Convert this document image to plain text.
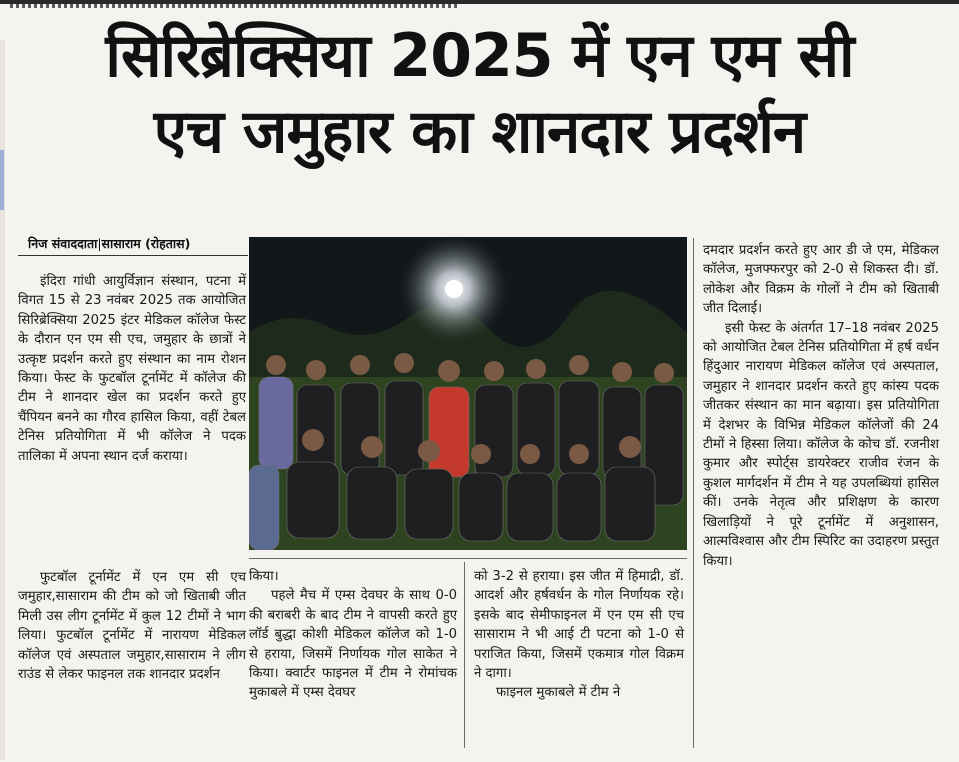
सिरिब्रेक्सिया 2025 में एन एम सी
एच जमुहार का शानदार प्रदर्शन
निज संवाददाता|सासाराम (रोहतास)

इंदिरा गांधी आयुर्विज्ञान संस्थान, पटना में विगत 15 से 23 नवंबर 2025 तक आयोजित सिरिब्रेक्सिया 2025 इंटर मेडिकल कॉलेज फेस्ट के दौरान एन एम सी एच, जमुहार के छात्रों ने उत्कृष्ट प्रदर्शन करते हुए संस्थान का नाम रोशन किया। फेस्ट के फुटबॉल टूर्नामेंट में कॉलेज की टीम ने शानदार खेल का प्रदर्शन करते हुए चैंपियन बनने का गौरव हासिल किया, वहीं टेबल टेनिस प्रतियोगिता में भी कॉलेज ने पदक तालिका में अपना स्थान दर्ज कराया।

फुटबॉल टूर्नामेंट में एन एम सी एच जमुहार,सासाराम की टीम को जो खिताबी जीत मिली उस लीग टूर्नामेंट में कुल 12 टीमों ने भाग लिया। फुटबॉल टूर्नामेंट में नारायण मेडिकल कॉलेज एवं अस्पताल जमुहार,सासाराम ने लीग राउंड से लेकर फाइनल तक शानदार प्रदर्शन

किया।

पहले मैच में एम्स देवघर के साथ 0-0 की बराबरी के बाद टीम ने वापसी करते हुए लॉर्ड बुद्धा कोशी मेडिकल कॉलेज को 1-0 से हराया, जिसमें निर्णायक गोल साकेत ने किया। क्वार्टर फाइनल में टीम ने रोमांचक मुकाबले में एम्स देवघर

को 3-2 से हराया। इस जीत में हिमाद्री, डॉ. आदर्श और हर्षवर्धन के गोल निर्णायक रहे। इसके बाद सेमीफाइनल में एन एम सी एच सासाराम ने भी आई टी पटना को 1-0 से पराजित किया, जिसमें एकमात्र गोल विक्रम ने दागा।

फाइनल मुकाबले में टीम ने

दमदार प्रदर्शन करते हुए आर डी जे एम, मेडिकल कॉलेज, मुजफ्फरपुर को 2-0 से शिकस्त दी। डॉ. लोकेश और विक्रम के गोलों ने टीम को खिताबी जीत दिलाई।

इसी फेस्ट के अंतर्गत 17–18 नवंबर 2025 को आयोजित टेबल टेनिस प्रतियोगिता में हर्ष वर्धन हिंदुआर नारायण मेडिकल कॉलेज एवं अस्पताल, जमुहार ने शानदार प्रदर्शन करते हुए कांस्य पदक जीतकर संस्थान का मान बढ़ाया। इस प्रतियोगिता में देशभर के विभिन्न मेडिकल कॉलेजों की 24 टीमों ने हिस्सा लिया। कॉलेज के कोच डॉ. रजनीश कुमार और स्पोर्ट्स डायरेक्टर राजीव रंजन के कुशल मार्गदर्शन में टीम ने यह उपलब्धियां हासिल कीं। उनके नेतृत्व और प्रशिक्षण के कारण खिलाड़ियों ने पूरे टूर्नामेंट में अनुशासन, आत्मविश्वास और टीम स्पिरिट का उदाहरण प्रस्तुत किया।
